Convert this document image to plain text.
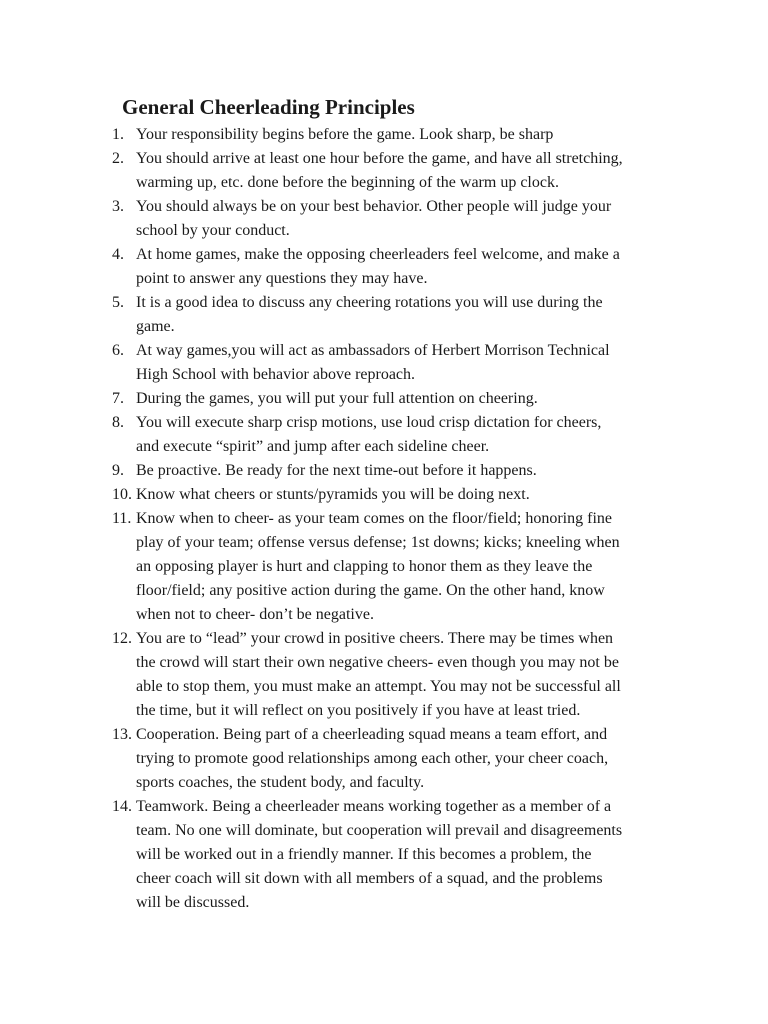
General Cheerleading Principles
1. Your responsibility begins before the game. Look sharp, be sharp
2. You should arrive at least one hour before the game, and have all stretching,
warming up, etc. done before the beginning of the warm up clock.
3. You should always be on your best behavior. Other people will judge your
school by your conduct.
4. At home games, make the opposing cheerleaders feel welcome, and make a
point to answer any questions they may have.
5. It is a good idea to discuss any cheering rotations you will use during the
game.
6. At way games,you will act as ambassadors of Herbert Morrison Technical
High School with behavior above reproach.
7. During the games, you will put your full attention on cheering.
8. You will execute sharp crisp motions, use loud crisp dictation for cheers,
and execute “spirit” and jump after each sideline cheer.
9. Be proactive. Be ready for the next time-out before it happens.
10. Know what cheers or stunts/pyramids you will be doing next.
11. Know when to cheer- as your team comes on the floor/field; honoring fine
play of your team; offense versus defense; 1st downs; kicks; kneeling when
an opposing player is hurt and clapping to honor them as they leave the
floor/field; any positive action during the game. On the other hand, know
when not to cheer- don’t be negative.
12. You are to “lead” your crowd in positive cheers. There may be times when
the crowd will start their own negative cheers- even though you may not be
able to stop them, you must make an attempt. You may not be successful all
the time, but it will reflect on you positively if you have at least tried.
13. Cooperation. Being part of a cheerleading squad means a team effort, and
trying to promote good relationships among each other, your cheer coach,
sports coaches, the student body, and faculty.
14. Teamwork. Being a cheerleader means working together as a member of a
team. No one will dominate, but cooperation will prevail and disagreements
will be worked out in a friendly manner. If this becomes a problem, the
cheer coach will sit down with all members of a squad, and the problems
will be discussed.
